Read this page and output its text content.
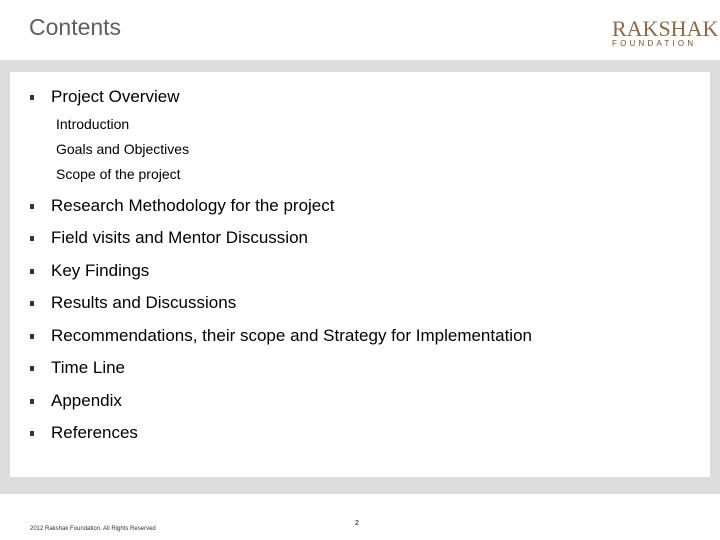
Contents	RAKSHAK
FOUNDATION
Project Overview
Introduction
Goals and Objectives
Scope of the project
Research Methodology for the project
Field visits and Mentor Discussion
Key Findings
Results and Discussions
Recommendations, their scope and Strategy for Implementation
Time Line
Appendix
References
2012 Rakshak Foundation. All Rights Reserved
2
